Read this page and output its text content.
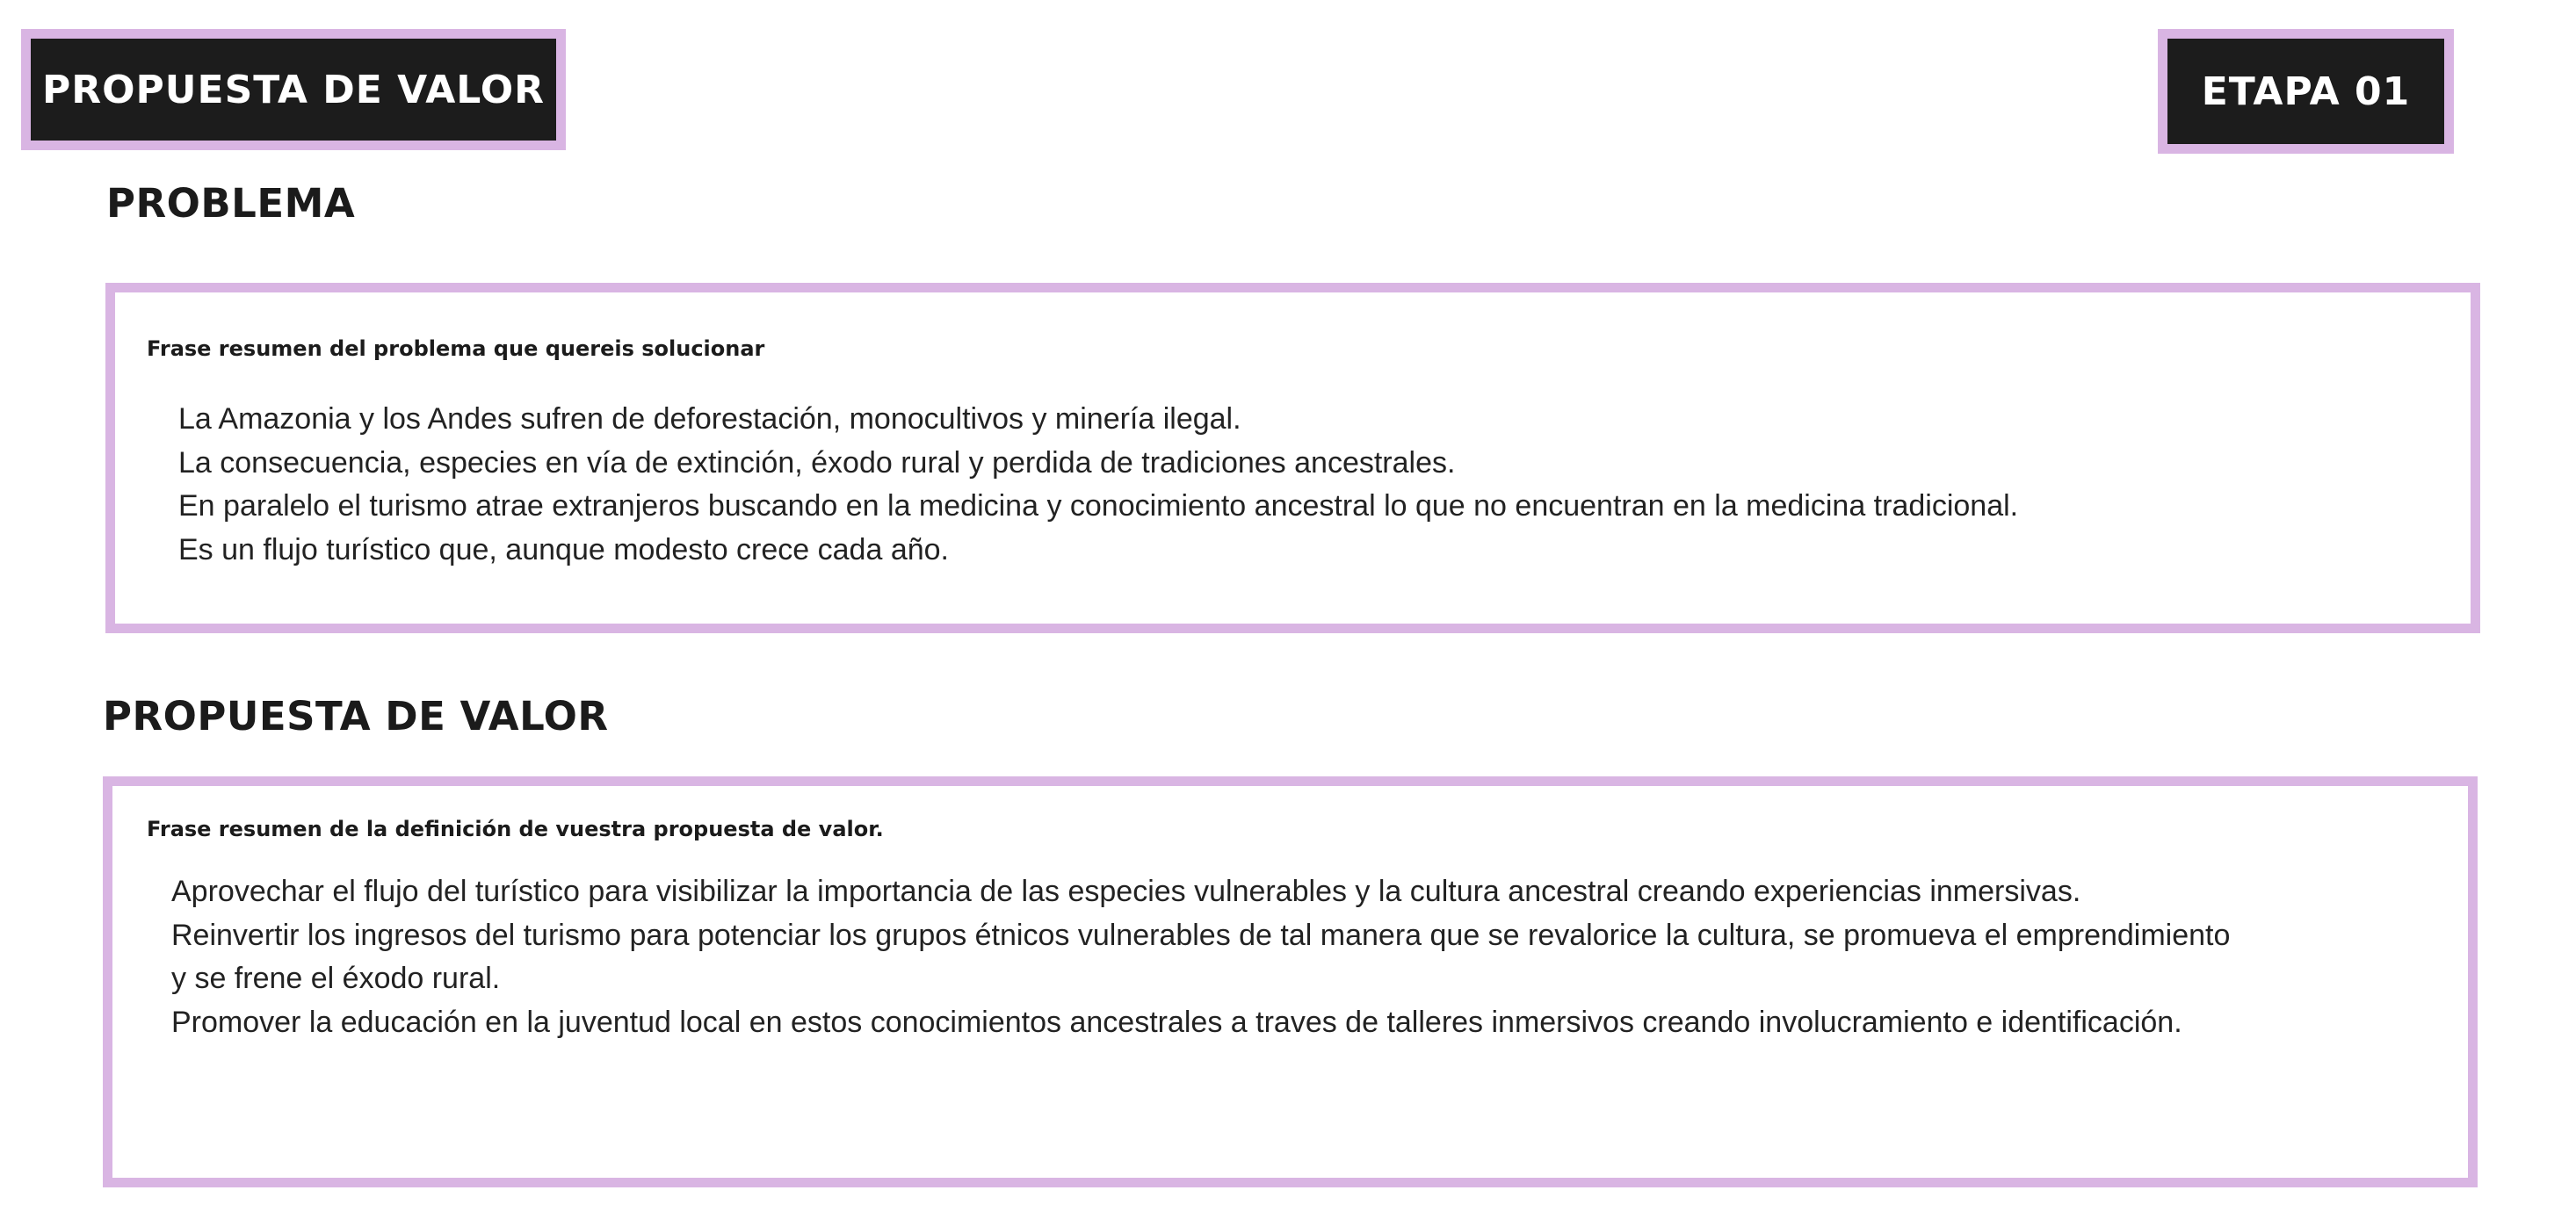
PROPUESTA DE VALOR	ETAPA 01
PROBLEMA

Frase resumen del problema que quereis solucionar

La Amazonia y los Andes sufren de deforestación, monocultivos y minería ilegal.
La consecuencia, especies en vía de extinción, éxodo rural y perdida de tradiciones ancestrales.
En paralelo el turismo atrae extranjeros buscando en la medicina y conocimiento ancestral lo que no encuentran en la medicina tradicional.
Es un flujo turístico que, aunque modesto crece cada año.
PROPUESTA DE VALOR

Frase resumen de la definición de vuestra propuesta de valor.

Aprovechar el flujo del turístico para visibilizar la importancia de las especies vulnerables y la cultura ancestral creando experiencias inmersivas.
Reinvertir los ingresos del turismo para potenciar los grupos étnicos vulnerables de tal manera que se revalorice la cultura, se promueva el emprendimiento
y se frene el éxodo rural.
Promover la educación en la juventud local en estos conocimientos ancestrales a traves de talleres inmersivos creando involucramiento e identificación.
